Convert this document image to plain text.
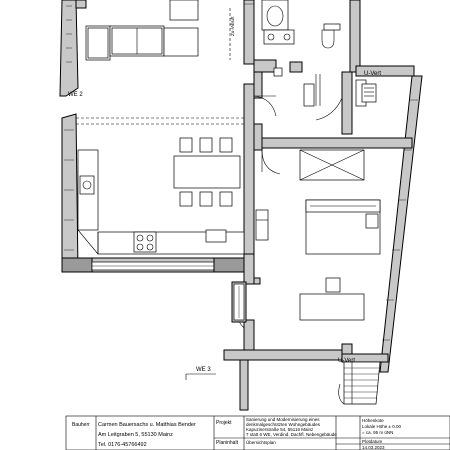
U-Vert
U-Vert
Zu-/Abluft
WE 2
WE 3
Bauherr Carmen Bauersachs u. Matthias Bender
Am Leitgraben 5, 55130 Mainz
Tel. 0176-45766492
Projekt
Sanierung und Modernisierung eines
denkmalgeschützten Wohngebäudes
Kapuzinerstraße 54, 55116 Mainz
7 statt 6 WE, Verdind. Dachfl. Nebengebäude
Planinhalt Übersichtsplan
Höhenkote
Lokale Höhe ± 0.00
= ca. 95 m üNN
Plotdatum
14.03.2023
